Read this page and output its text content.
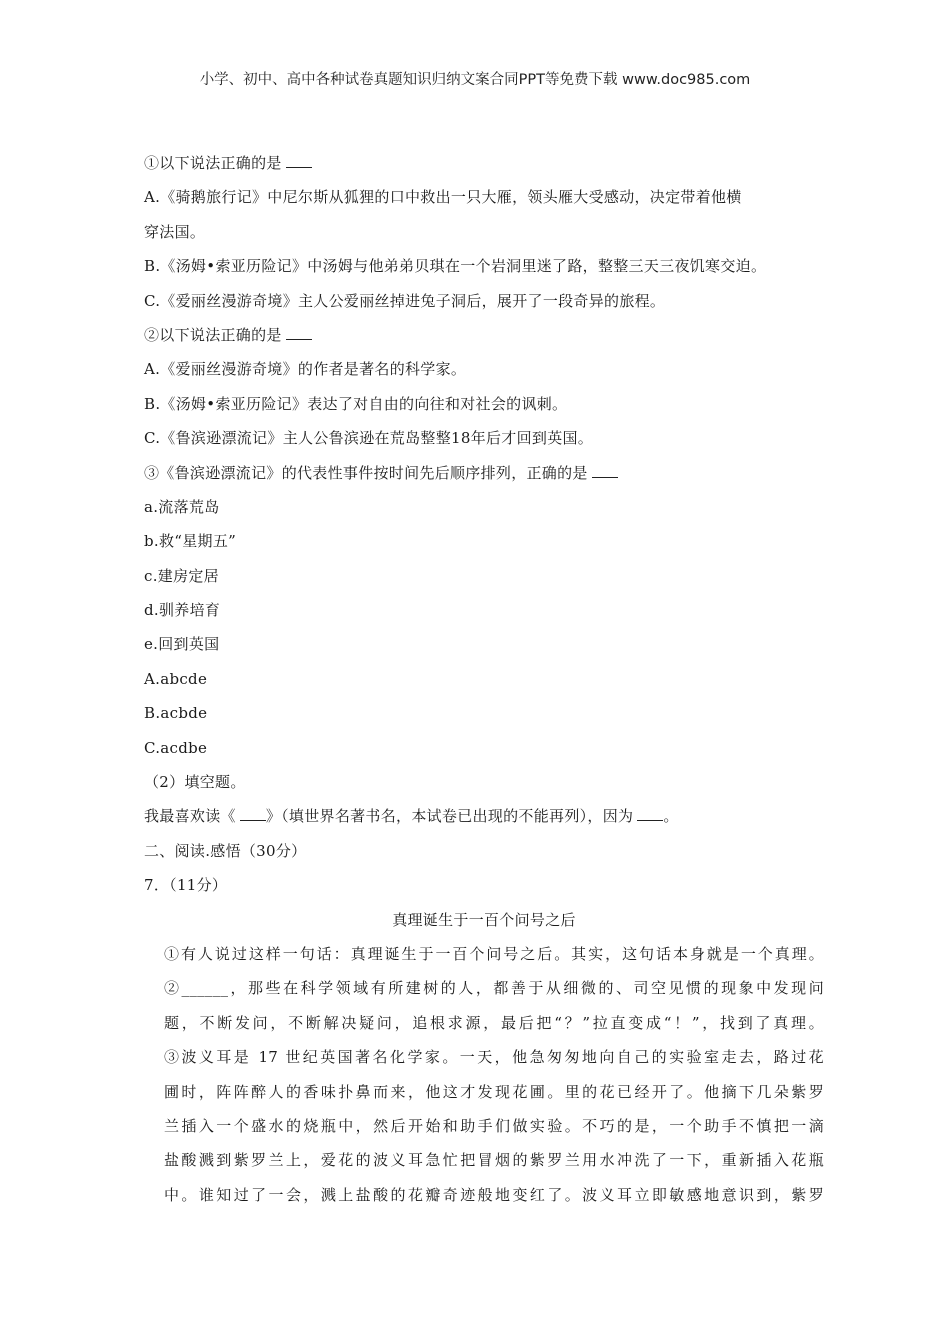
小学、初中、高中各种试卷真题知识归纳文案合同PPT等免费下载 www.doc985.com
①以下说法正确的是
A.《骑鹅旅行记》中尼尔斯从狐狸的口中救出一只大雁，领头雁大受感动，决定带着他横
穿法国。
B.《汤姆•索亚历险记》中汤姆与他弟弟贝琪在一个岩洞里迷了路，整整三天三夜饥寒交迫。
C.《爱丽丝漫游奇境》主人公爱丽丝掉进兔子洞后，展开了一段奇异的旅程。
②以下说法正确的是
A.《爱丽丝漫游奇境》的作者是著名的科学家。
B.《汤姆•索亚历险记》表达了对自由的向往和对社会的讽刺。
C.《鲁滨逊漂流记》主人公鲁滨逊在荒岛整整18年后才回到英国。
③《鲁滨逊漂流记》的代表性事件按时间先后顺序排列，正确的是
a.流落荒岛
b.救“星期五”
c.建房定居
d.驯养培育
e.回到英国
A.abcde
B.acbde
C.acdbe
（2）填空题。
我最喜欢读《 》（填世界名著书名，本试卷已出现的不能再列），因为 。
二、阅读.感悟（30分）
7．（11分）
真理诞生于一百个问号之后
①有人说过这样一句话：真理诞生于一百个问号之后。其实，这句话本身就是一个真理。
②______，那些在科学领域有所建树的人，都善于从细微的、司空见惯的现象中发现问
题，不断发问，不断解决疑问，追根求源，最后把“？”拉直变成“！”，找到了真理。
③波义耳是 17 世纪英国著名化学家。一天，他急匆匆地向自己的实验室走去，路过花
圃时，阵阵醉人的香味扑鼻而来，他这才发现花圃。里的花已经开了。他摘下几朵紫罗
兰插入一个盛水的烧瓶中，然后开始和助手们做实验。不巧的是，一个助手不慎把一滴
盐酸溅到紫罗兰上，爱花的波义耳急忙把冒烟的紫罗兰用水冲洗了一下，重新插入花瓶
中。谁知过了一会，溅上盐酸的花瓣奇迹般地变红了。波义耳立即敏感地意识到，紫罗
